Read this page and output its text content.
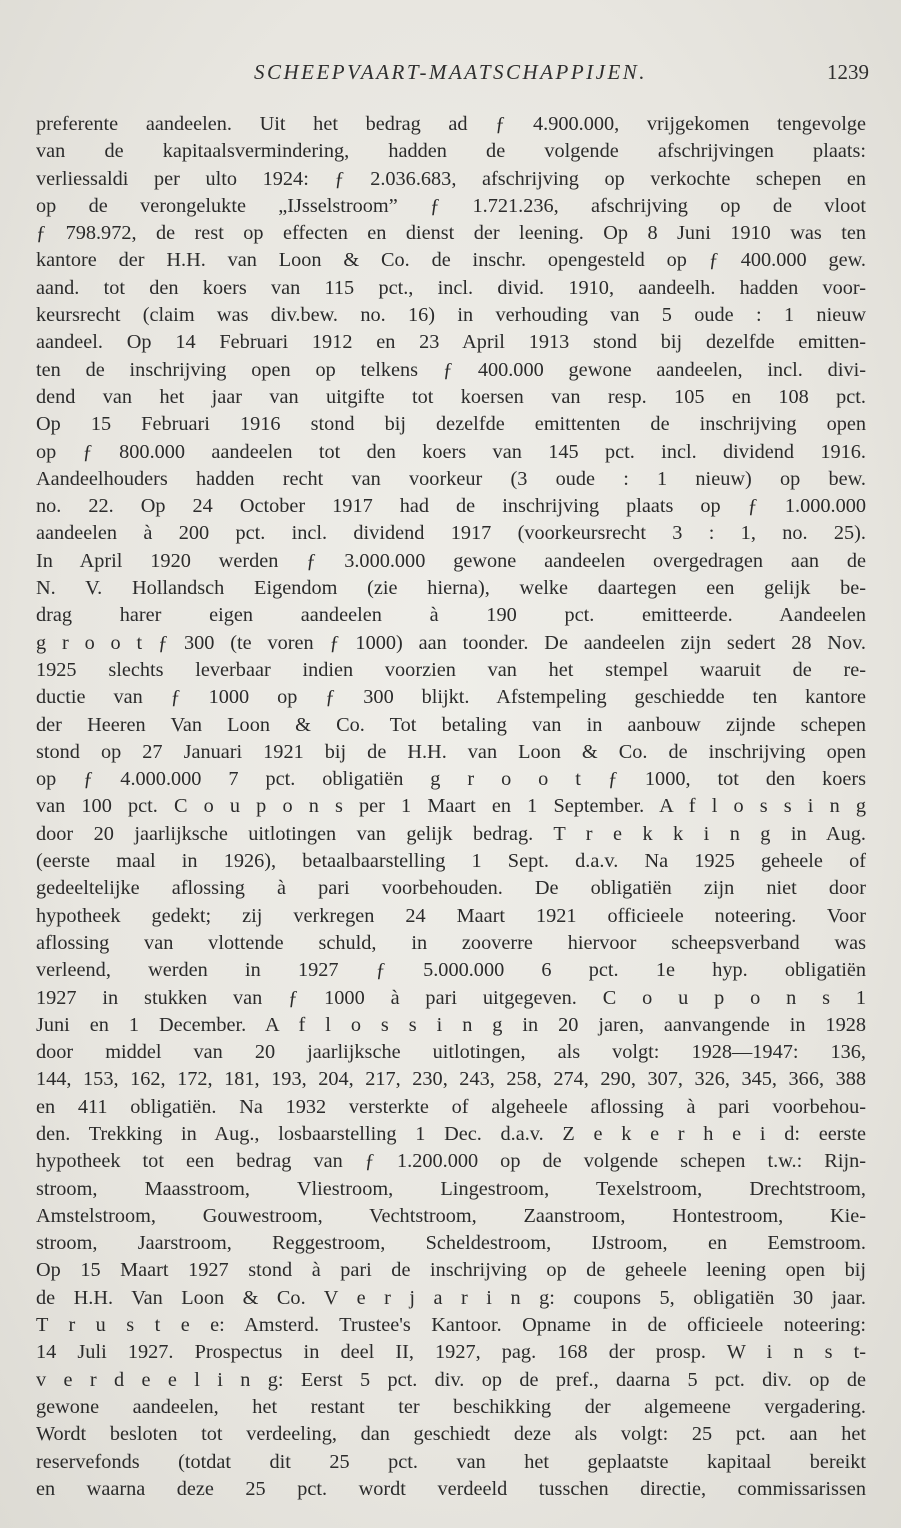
SCHEEPVAART-MAATSCHAPPIJEN.	1239
preferente aandeelen. Uit het bedrag ad ƒ 4.900.000, vrijgekomen tengevolge
van de kapitaalsvermindering, hadden de volgende afschrijvingen plaats:
verliessaldi per ulto 1924: ƒ 2.036.683, afschrijving op verkochte schepen en
op de verongelukte „IJsselstroom” ƒ 1.721.236, afschrijving op de vloot
ƒ 798.972, de rest op effecten en dienst der leening. Op 8 Juni 1910 was ten
kantore der H.H. van Loon & Co. de inschr. opengesteld op ƒ 400.000 gew.
aand. tot den koers van 115 pct., incl. divid. 1910, aandeelh. hadden voor-
keursrecht (claim was div.bew. no. 16) in verhouding van 5 oude : 1 nieuw
aandeel. Op 14 Februari 1912 en 23 April 1913 stond bij dezelfde emitten-
ten de inschrijving open op telkens ƒ 400.000 gewone aandeelen, incl. divi-
dend van het jaar van uitgifte tot koersen van resp. 105 en 108 pct.
Op 15 Februari 1916 stond bij dezelfde emittenten de inschrijving open
op ƒ 800.000 aandeelen tot den koers van 145 pct. incl. dividend 1916.
Aandeelhouders hadden recht van voorkeur (3 oude : 1 nieuw) op bew.
no. 22. Op 24 October 1917 had de inschrijving plaats op ƒ 1.000.000
aandeelen à 200 pct. incl. dividend 1917 (voorkeursrecht 3 : 1, no. 25).
In April 1920 werden ƒ 3.000.000 gewone aandeelen overgedragen aan de
N. V. Hollandsch Eigendom (zie hierna), welke daartegen een gelijk be-
drag harer eigen aandeelen à 190 pct. emitteerde. Aandeelen
g r o o t ƒ 300 (te voren ƒ 1000) aan toonder. De aandeelen zijn sedert 28 Nov.
1925 slechts leverbaar indien voorzien van het stempel waaruit de re-
ductie van ƒ 1000 op ƒ 300 blijkt. Afstempeling geschiedde ten kantore
der Heeren Van Loon & Co. Tot betaling van in aanbouw zijnde schepen
stond op 27 Januari 1921 bij de H.H. van Loon & Co. de inschrijving open
op ƒ 4.000.000 7 pct. obligatiën g r o o t ƒ 1000, tot den koers
van 100 pct. C o u p o n s per 1 Maart en 1 September. A f l o s s i n g
door 20 jaarlijksche uitlotingen van gelijk bedrag. T r e k k i n g in Aug.
(eerste maal in 1926), betaalbaarstelling 1 Sept. d.a.v. Na 1925 geheele of
gedeeltelijke aflossing à pari voorbehouden. De obligatiën zijn niet door
hypotheek gedekt; zij verkregen 24 Maart 1921 officieele noteering. Voor
aflossing van vlottende schuld, in zooverre hiervoor scheepsverband was
verleend, werden in 1927 ƒ 5.000.000 6 pct. 1e hyp. obligatiën
1927 in stukken van ƒ 1000 à pari uitgegeven. C o u p o n s 1
Juni en 1 December. A f l o s s i n g in 20 jaren, aanvangende in 1928
door middel van 20 jaarlijksche uitlotingen, als volgt: 1928—1947: 136,
144, 153, 162, 172, 181, 193, 204, 217, 230, 243, 258, 274, 290, 307, 326, 345, 366, 388
en 411 obligatiën. Na 1932 versterkte of algeheele aflossing à pari voorbehou-
den. Trekking in Aug., losbaarstelling 1 Dec. d.a.v. Z e k e r h e i d: eerste
hypotheek tot een bedrag van ƒ 1.200.000 op de volgende schepen t.w.: Rijn-
stroom, Maasstroom, Vliestroom, Lingestroom, Texelstroom, Drechtstroom,
Amstelstroom, Gouwestroom, Vechtstroom, Zaanstroom, Hontestroom, Kie-
stroom, Jaarstroom, Reggestroom, Scheldestroom, IJstroom, en Eemstroom.
Op 15 Maart 1927 stond à pari de inschrijving op de geheele leening open bij
de H.H. Van Loon & Co. V e r j a r i n g: coupons 5, obligatiën 30 jaar.
T r u s t e e: Amsterd. Trustee's Kantoor. Opname in de officieele noteering:
14 Juli 1927. Prospectus in deel II, 1927, pag. 168 der prosp. W i n s t-
v e r d e e l i n g: Eerst 5 pct. div. op de pref., daarna 5 pct. div. op de
gewone aandeelen, het restant ter beschikking der algemeene vergadering.
Wordt besloten tot verdeeling, dan geschiedt deze als volgt: 25 pct. aan het
reservefonds (totdat dit 25 pct. van het geplaatste kapitaal bereikt
en waarna deze 25 pct. wordt verdeeld tusschen directie, commissarissen
